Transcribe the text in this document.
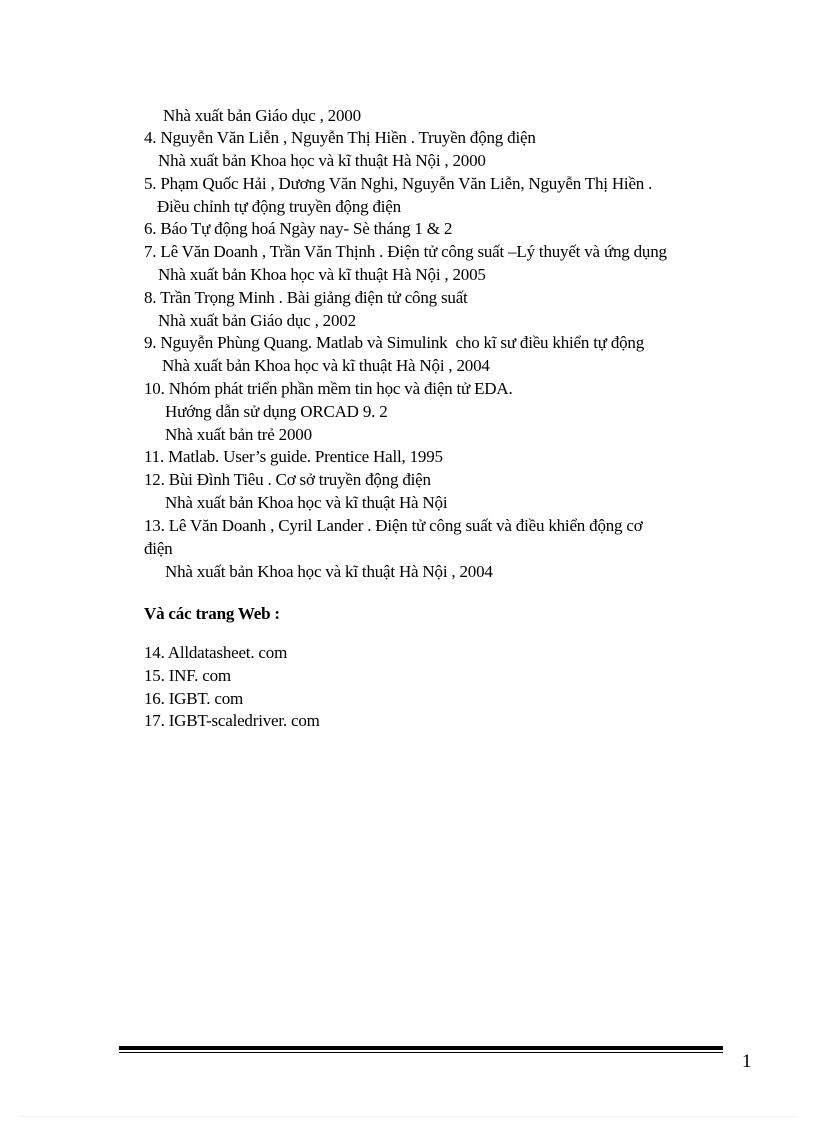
Nhà xuất bản Giáo dục , 2000
4. Nguyễn Văn Liễn , Nguyễn Thị Hiền . Truyền động điện
Nhà xuất bản Khoa học và kĩ thuật Hà Nội , 2000
5. Phạm Quốc Hải , Dương Văn Nghi, Nguyễn Văn Liễn, Nguyễn Thị Hiền .
Điều chỉnh tự động truyền động điện
6. Báo Tự động hoá Ngày nay- Sè tháng 1 & 2
7. Lê Văn Doanh , Trần Văn Thịnh . Điện tử công suất –Lý thuyết và ứng dụng
Nhà xuất bản Khoa học và kĩ thuật Hà Nội , 2005
8. Trần Trọng Minh . Bài giảng điện tử công suất
Nhà xuất bản Giáo dục , 2002
9. Nguyễn Phùng Quang. Matlab và Simulink  cho kĩ sư điều khiển tự động
Nhà xuất bản Khoa học và kĩ thuật Hà Nội , 2004
10. Nhóm phát triển phần mềm tin học và điện tử EDA.
Hướng dẫn sử dụng ORCAD 9. 2
Nhà xuất bản trẻ 2000
11. Matlab. User’s guide. Prentice Hall, 1995
12. Bùi Đình Tiêu . Cơ sở truyền động điện
Nhà xuất bản Khoa học và kĩ thuật Hà Nội
13. Lê Văn Doanh , Cyril Lander . Điện tử công suất và điều khiển động cơ
điện
Nhà xuất bản Khoa học và kĩ thuật Hà Nội , 2004
Và các trang Web :
14. Alldatasheet. com
15. INF. com
16. IGBT. com
17. IGBT-scaledriver. com
1
